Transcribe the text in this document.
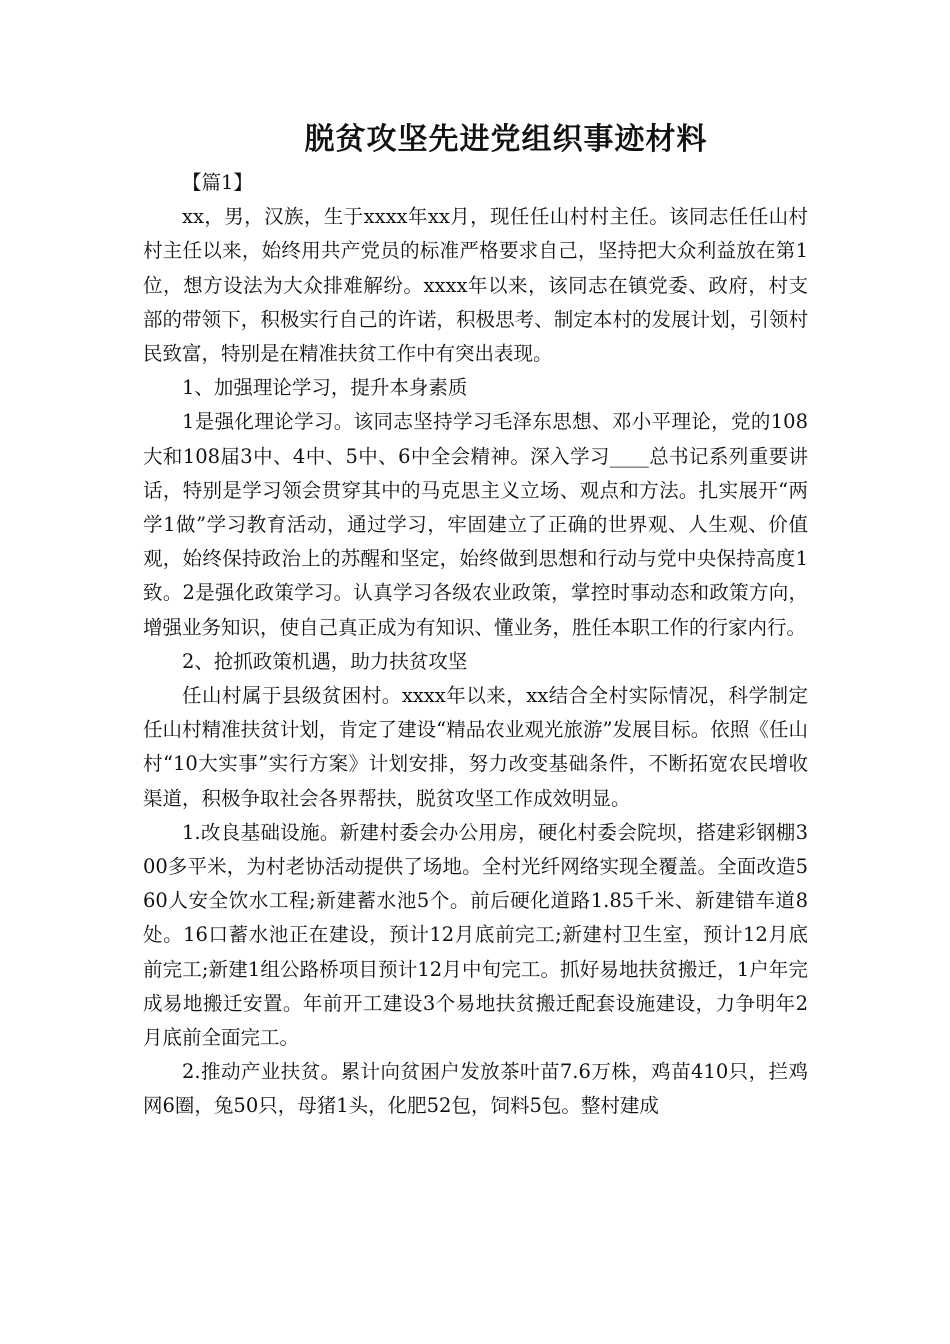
脱贫攻坚先进党组织事迹材料

【篇1】

xx，男，汉族，生于xxxx年xx月，现任任山村村主任。该同志任任山村村主任以来，始终用共产党员的标准严格要求自己，坚持把大众利益放在第1位，想方设法为大众排难解纷。xxxx年以来，该同志在镇党委、政府，村支部的带领下，积极实行自己的许诺，积极思考、制定本村的发展计划，引领村民致富，特别是在精准扶贫工作中有突出表现。

1、加强理论学习，提升本身素质

1是强化理论学习。该同志坚持学习毛泽东思想、邓小平理论，党的108大和108届3中、4中、5中、6中全会精神。深入学习____总书记系列重要讲话，特别是学习领会贯穿其中的马克思主义立场、观点和方法。扎实展开“两学1做”学习教育活动，通过学习，牢固建立了正确的世界观、人生观、价值观，始终保持政治上的苏醒和坚定，始终做到思想和行动与党中央保持高度1致。2是强化政策学习。认真学习各级农业政策，掌控时事动态和政策方向，增强业务知识，使自己真正成为有知识、懂业务，胜任本职工作的行家内行。

2、抢抓政策机遇，助力扶贫攻坚

任山村属于县级贫困村。xxxx年以来，xx结合全村实际情况，科学制定任山村精准扶贫计划，肯定了建设“精品农业观光旅游”发展目标。依照《任山村“10大实事”实行方案》计划安排，努力改变基础条件，不断拓宽农民增收渠道，积极争取社会各界帮扶，脱贫攻坚工作成效明显。

1.改良基础设施。新建村委会办公用房，硬化村委会院坝，搭建彩钢棚300多平米，为村老协活动提供了场地。全村光纤网络实现全覆盖。全面改造560人安全饮水工程;新建蓄水池5个。前后硬化道路1.85千米、新建错车道8处。16口蓄水池正在建设，预计12月底前完工;新建村卫生室，预计12月底前完工;新建1组公路桥项目预计12月中旬完工。抓好易地扶贫搬迁，1户年完成易地搬迁安置。年前开工建设3个易地扶贫搬迁配套设施建设，力争明年2月底前全面完工。

2.推动产业扶贫。累计向贫困户发放茶叶苗7.6万株，鸡苗410只，拦鸡网6圈，兔50只，母猪1头，化肥52包，饲料5包。整村建成
